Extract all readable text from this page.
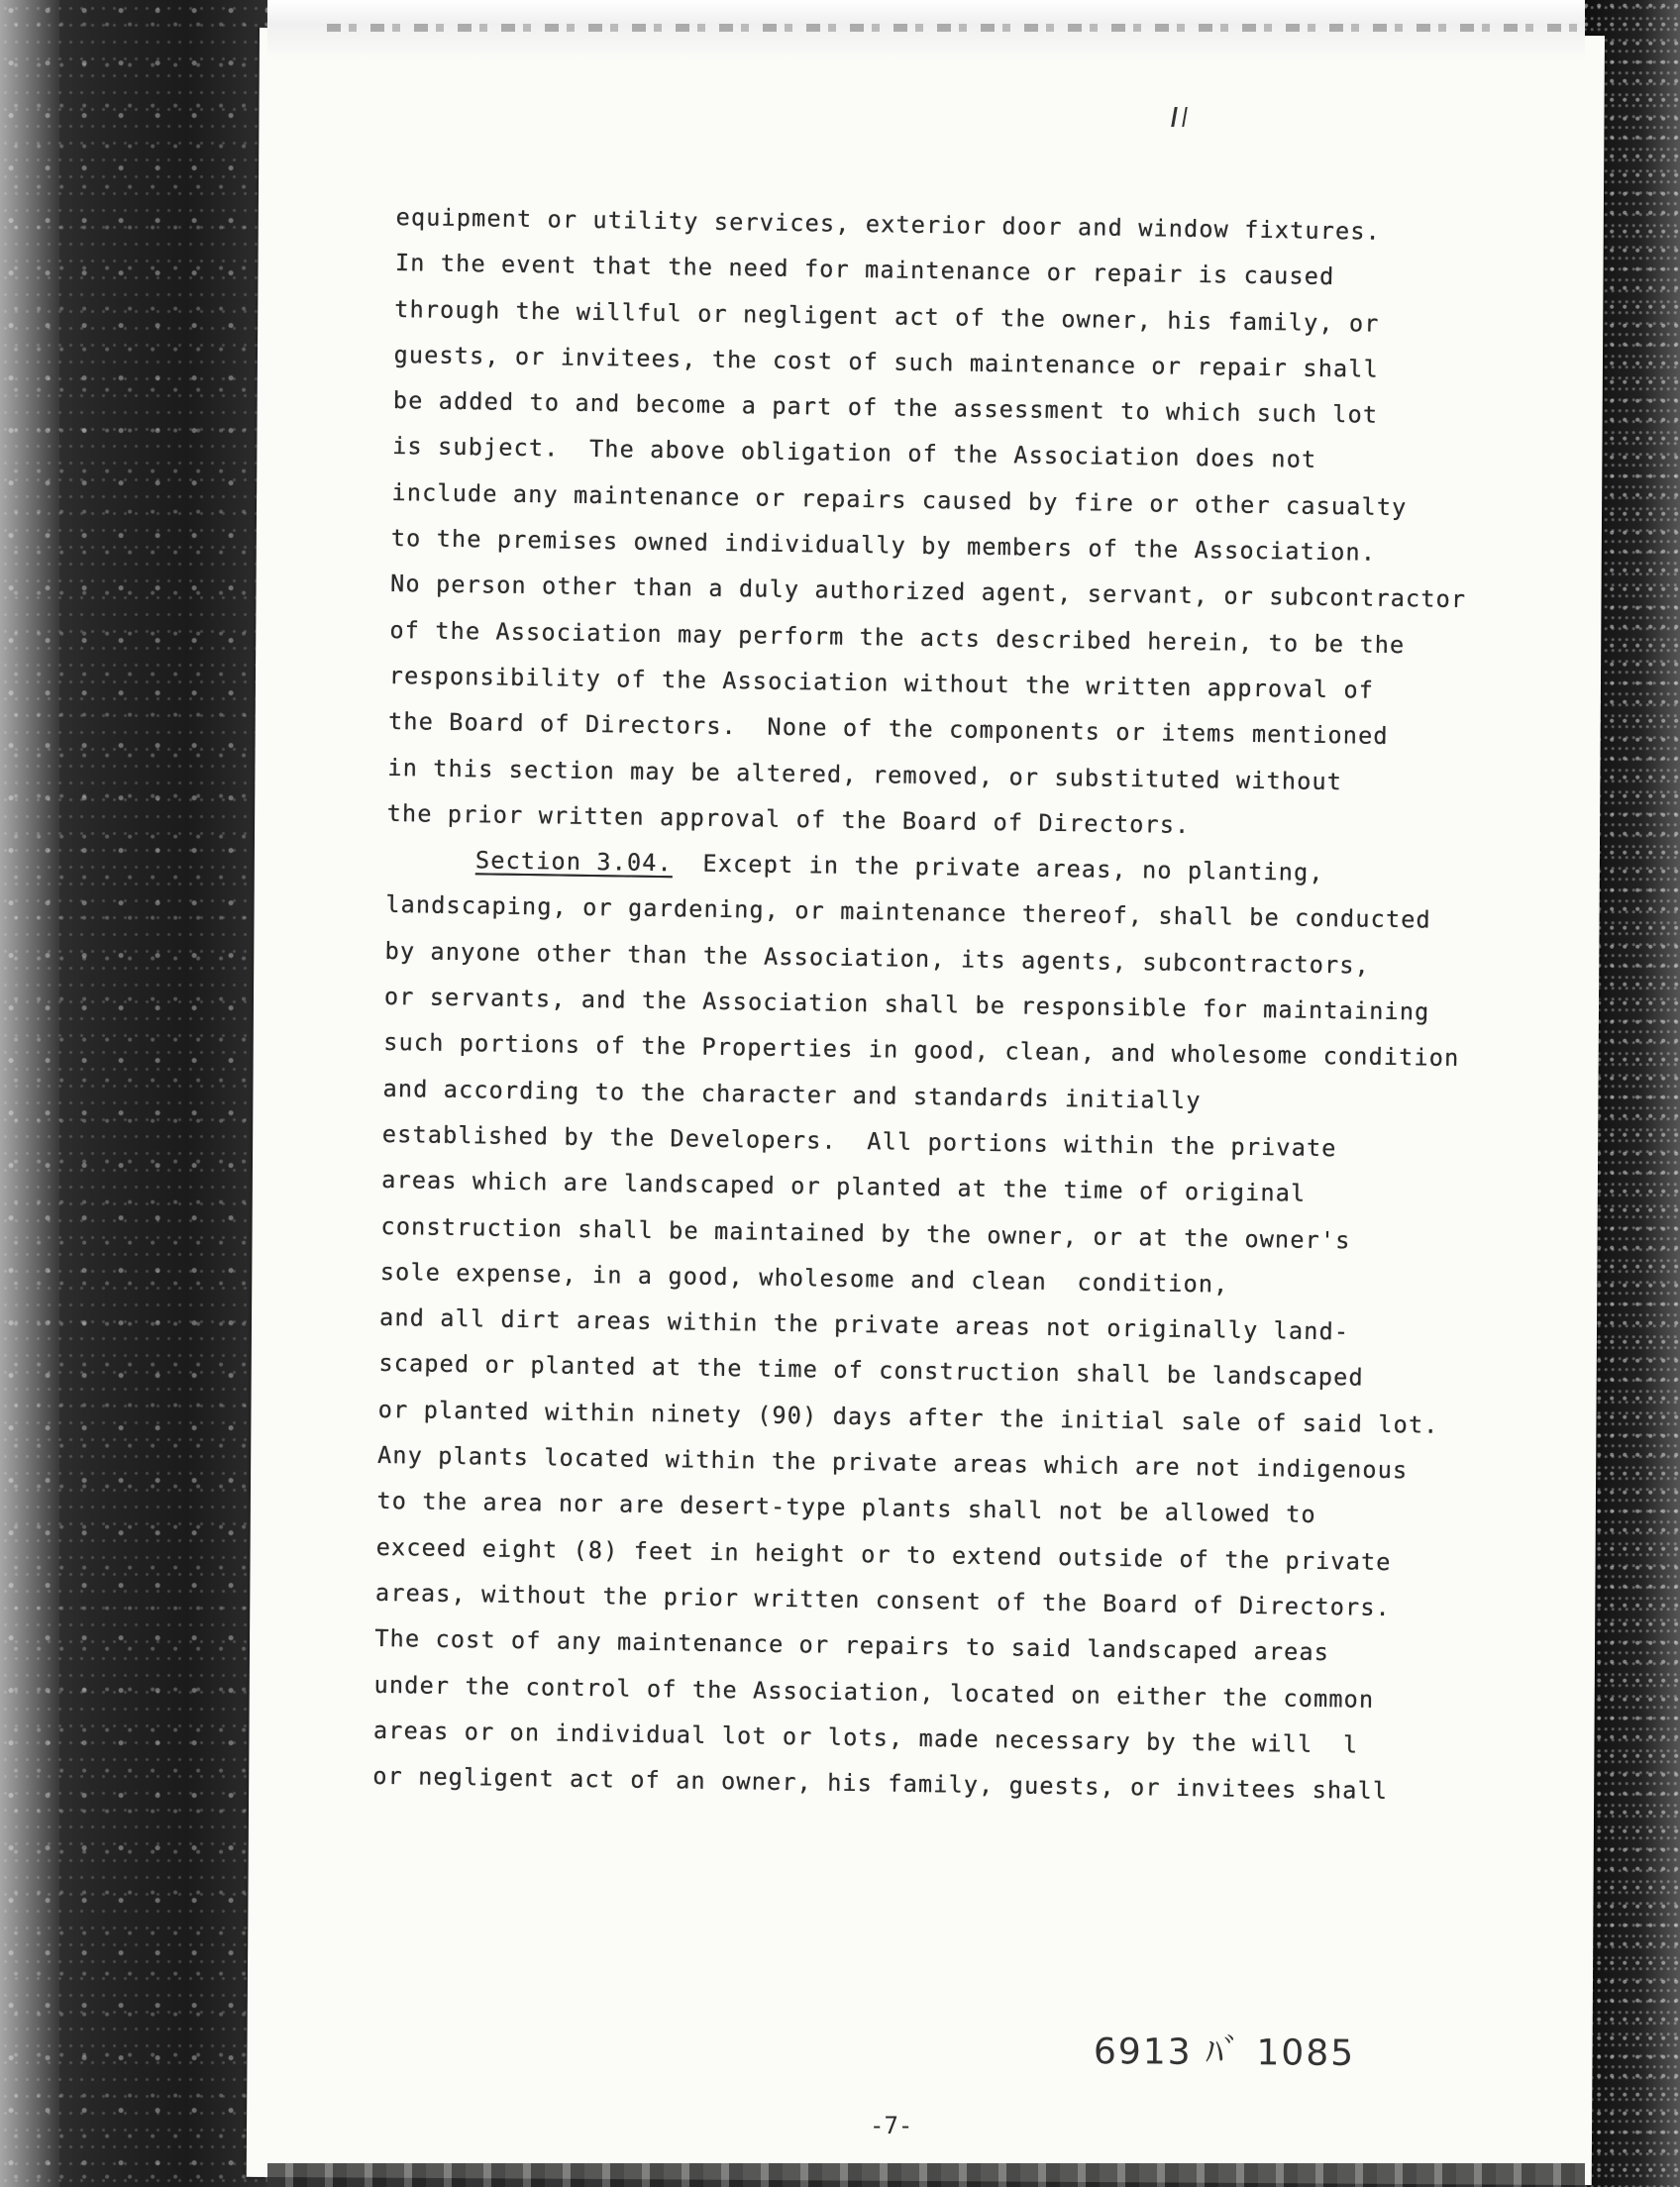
equipment or utility services, exterior door and window fixtures.
In the event that the need for maintenance or repair is caused
through the willful or negligent act of the owner, his family, or
guests, or invitees, the cost of such maintenance or repair shall
be added to and become a part of the assessment to which such lot
is subject.  The above obligation of the Association does not
include any maintenance or repairs caused by fire or other casualty
to the premises owned individually by members of the Association.
No person other than a duly authorized agent, servant, or subcontractor
of the Association may perform the acts described herein, to be the
responsibility of the Association without the written approval of
the Board of Directors.  None of the components or items mentioned
in this section may be altered, removed, or substituted without
the prior written approval of the Board of Directors.
Section 3.04. Except in the private areas, no planting,
landscaping, or gardening, or maintenance thereof, shall be conducted
by anyone other than the Association, its agents, subcontractors,
or servants, and the Association shall be responsible for maintaining
such portions of the Properties in good, clean, and wholesome condition
and according to the character and standards initially
established by the Developers.  All portions within the private
areas which are landscaped or planted at the time of original
construction shall be maintained by the owner, or at the owner's
sole expense, in a good, wholesome and clean  condition,
and all dirt areas within the private areas not originally land-
scaped or planted at the time of construction shall be landscaped
or planted within ninety (90) days after the initial sale of said lot.
Any plants located within the private areas which are not indigenous
to the area nor are desert-type plants shall not be allowed to
exceed eight (8) feet in height or to extend outside of the private
areas, without the prior written consent of the Board of Directors.
The cost of any maintenance or repairs to said landscaped areas
under the control of the Association, located on either the common
areas or on individual lot or lots, made necessary by the will  l
or negligent act of an owner, his family, guests, or invitees shall
6913 ﾊﾞ 1085
-7-
